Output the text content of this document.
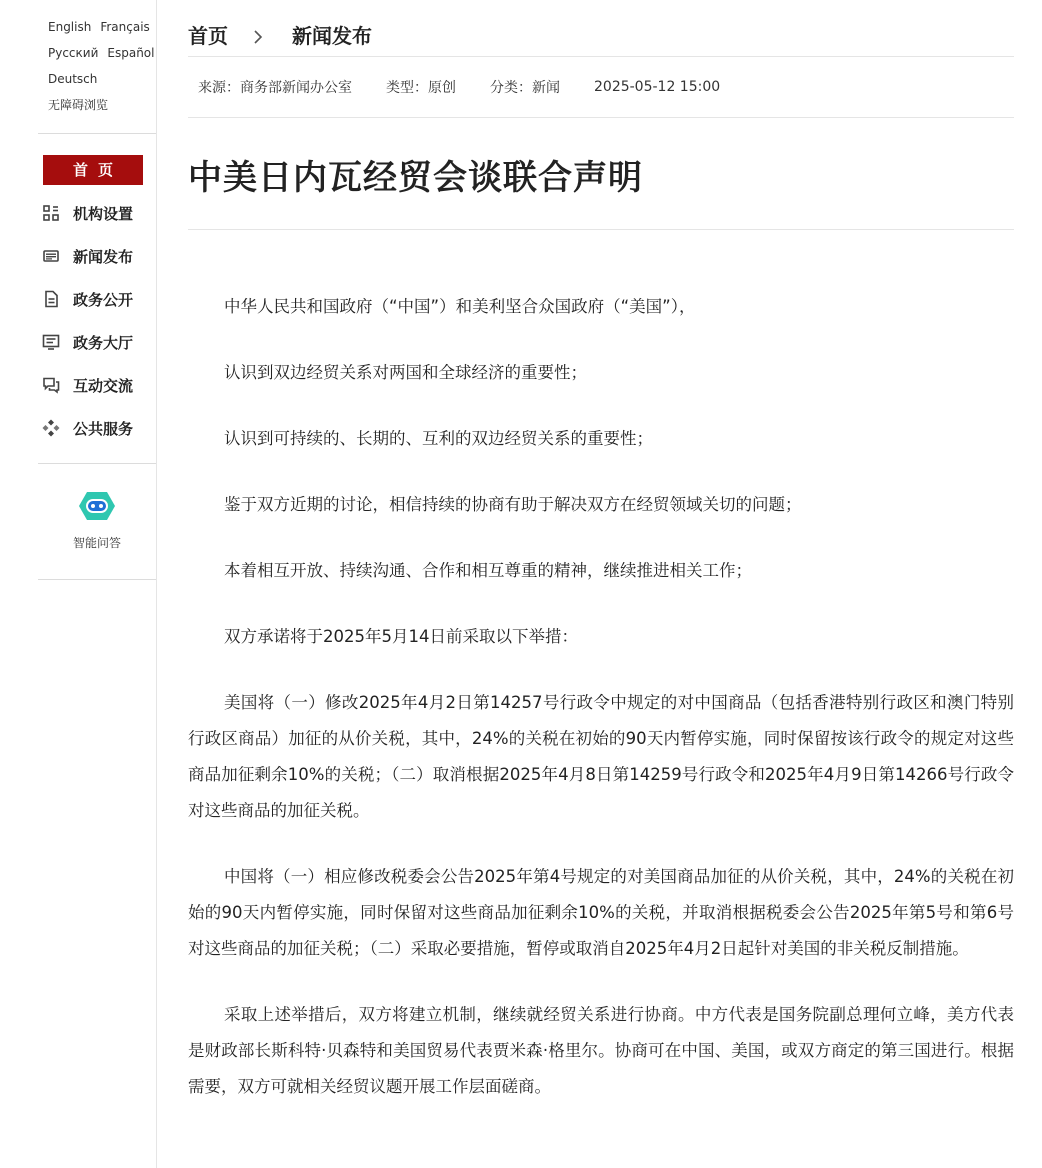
English Français
Русский Español
Deutsch
无障碍浏览
首页
机构设置
新闻发布
政务公开
政务大厅
互动交流
公共服务
智能问答
首页	新闻发布
来源：商务部新闻办公室 类型：原创 分类：新闻 2025-05-12 15:00
中美日内瓦经贸会谈联合声明

中华人民共和国政府（“中国”）和美利坚合众国政府（“美国”），

认识到双边经贸关系对两国和全球经济的重要性；

认识到可持续的、长期的、互利的双边经贸关系的重要性；

鉴于双方近期的讨论，相信持续的协商有助于解决双方在经贸领域关切的问题；

本着相互开放、持续沟通、合作和相互尊重的精神，继续推进相关工作；

双方承诺将于2025年5月14日前采取以下举措：

美国将（一）修改2025年4月2日第14257号行政令中规定的对中国商品（包括香港特别行政区和澳门特别行政区商品）加征的从价关税，其中，24%的关税在初始的90天内暂停实施，同时保留按该行政令的规定对这些商品加征剩余10%的关税；（二）取消根据2025年4月8日第14259号行政令和2025年4月9日第14266号行政令对这些商品的加征关税。

中国将（一）相应修改税委会公告2025年第4号规定的对美国商品加征的从价关税，其中，24%的关税在初始的90天内暂停实施，同时保留对这些商品加征剩余10%的关税，并取消根据税委会公告2025年第5号和第6号对这些商品的加征关税；（二）采取必要措施，暂停或取消自2025年4月2日起针对美国的非关税反制措施。

采取上述举措后，双方将建立机制，继续就经贸关系进行协商。中方代表是国务院副总理何立峰，美方代表是财政部长斯科特·贝森特和美国贸易代表贾米森·格里尔。协商可在中国、美国，或双方商定的第三国进行。根据需要，双方可就相关经贸议题开展工作层面磋商。
